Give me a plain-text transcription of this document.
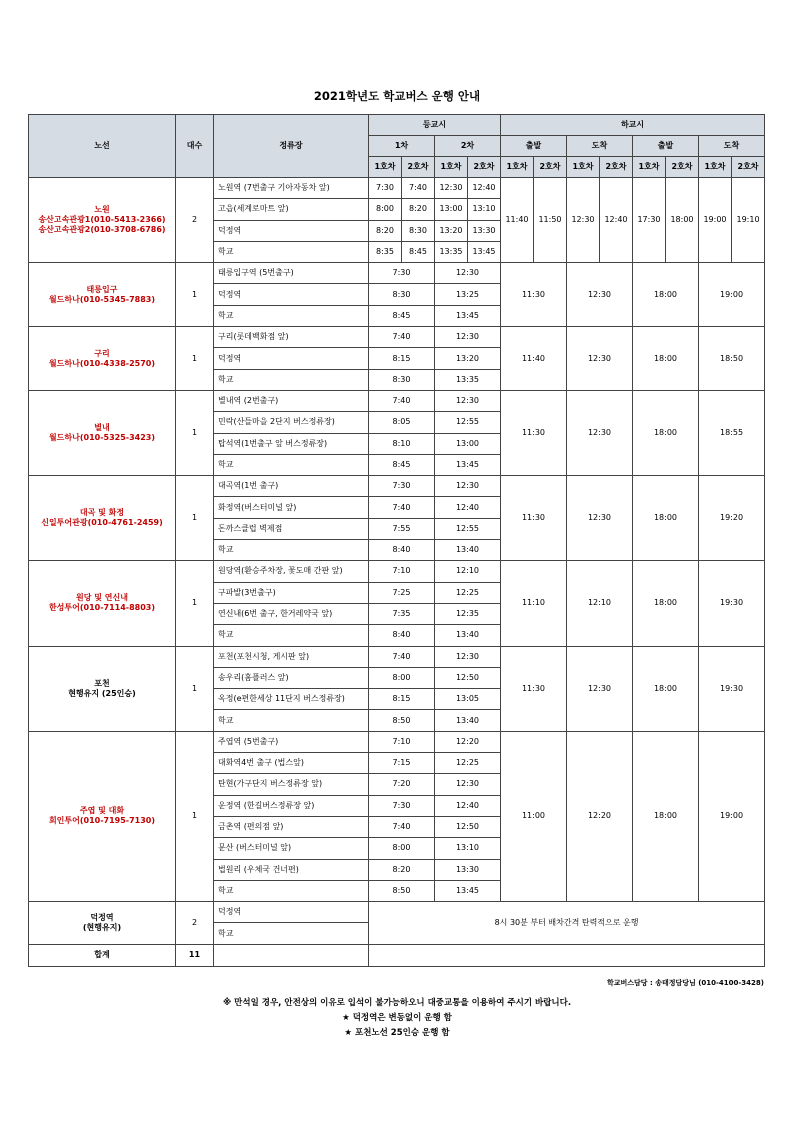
2021학년도 학교버스 운행 안내
노선	대수	정류장	등교시				하교시							
			1차		2차		출발		도착		출발		도착	
			1호차	2호차	1호차	2호차	1호차	2호차	1호차	2호차	1호차	2호차	1호차	2호차

노원
송산고속관광1(010-5413-2366)
송산고속관광2(010-3708-6786)	2	노원역 (7번출구 기아자동차 앞)	7:30	7:40	12:30	12:40	11:40	11:50	12:30	12:40	17:30	18:00	19:00	19:10
		고읍(세계로마트 앞)	8:00	8:20	13:00	13:10								
		덕정역	8:20	8:30	13:20	13:30								
		학교	8:35	8:45	13:35	13:45								

태릉입구
월드하나(010-5345-7883)	1	태릉입구역 (5번출구)	7:30		12:30		11:30		12:30		18:00		19:00	
		덕정역	8:30		13:25									
		학교	8:45		13:45									

구리
월드하나(010-4338-2570)	1	구리(롯데백화점 앞)	7:40		12:30		11:40		12:30		18:00		18:50	
		덕정역	8:15		13:20									
		학교	8:30		13:35									

별내
월드하나(010-5325-3423)	1	별내역 (2번출구)	7:40		12:30		11:30		12:30		18:00		18:55	
		민락(산들마을 2단지 버스정류장)	8:05		12:55									
		탑석역(1번출구 앞 버스정류장)	8:10		13:00									
		학교	8:45		13:45									

대곡 및 화정
신일투어관광(010-4761-2459)	1	대곡역(1번 출구)	7:30		12:30		11:30		12:30		18:00		19:20	
		화정역(버스터미널 앞)	7:40		12:40									
		돈까스클럽 벽제점	7:55		12:55									
		학교	8:40		13:40									

원당 및 연신내
한성투어(010-7114-8803)	1	원당역(환승주차장, 꽃도매 간판 앞)	7:10		12:10		11:10		12:10		18:00		19:30	
		구파발(3번출구)	7:25		12:25									
		연신내(6번 출구, 한거레약국 앞)	7:35		12:35									
		학교	8:40		13:40									

포천
현행유지 (25인승)	1	포천(포천시청, 게시판 앞)	7:40		12:30		11:30		12:30		18:00		19:30	
		송우리(홈플러스 앞)	8:00		12:50									
		옥정(e편한세상 11단지 버스정류장)	8:15		13:05									
		학교	8:50		13:40									

주엽 및 대화
회인투어(010-7195-7130)	1	주엽역 (5번출구)	7:10		12:20		11:00		12:20		18:00		19:00	
		대화역4번 출구 (법스앞)	7:15		12:25									
		탄현(가구단지 버스정류장 앞)	7:20		12:30									
		운정역 (한길버스정류장 앞)	7:30		12:40									
		금촌역 (편의점 앞)	7:40		12:50									
		문산 (버스터미널 앞)	8:00		13:10									
		법원리 (우체국 건너편)	8:20		13:30									
		학교	8:50		13:45									

덕정역
(현행유지)	2	덕정역	8시 30분 부터 배차간격 탄력적으로 운행											
		학교												
합계	11													
학교버스담당 : 송태정담당님 (010-4100-3428)
※ 만석일 경우, 안전상의 이유로 입석이 불가능하오니 대중교통을 이용하여 주시기 바랍니다.
★ 덕정역은 변동없이 운행 함
★ 포천노선 25인승 운행 함
